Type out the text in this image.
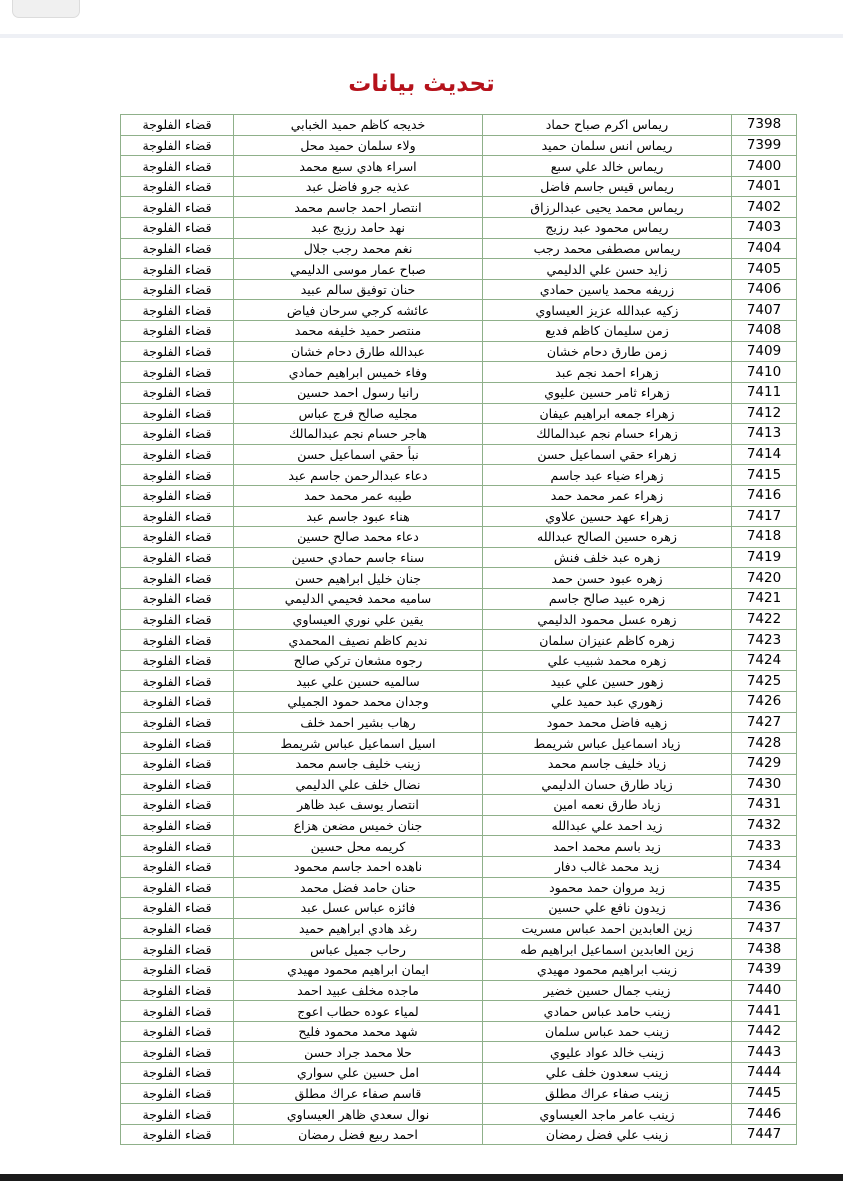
تحديث بيانات
قضاء الفلوجة		خديجه كاظم حميد الخبابي		ريماس اكرم صباح حماد		7398
قضاء الفلوجة		ولاء سلمان حميد محل		ريماس انس سلمان حميد		7399
قضاء الفلوجة		اسراء هادي سبع محمد		ريماس خالد علي سبع		7400
قضاء الفلوجة		عذيه جرو فاضل عبد		ريماس قيس جاسم فاضل		7401
قضاء الفلوجة		انتصار احمد جاسم محمد		ريماس محمد يحيى عبدالرزاق		7402
قضاء الفلوجة		نهد حامد رزيج عبد		ريماس محمود عبد رزيج		7403
قضاء الفلوجة		نغم محمد رجب جلال		ريماس مصطفى محمد رجب		7404
قضاء الفلوجة		صباح عمار موسى الدليمي		زايد حسن علي الدليمي		7405
قضاء الفلوجة		حنان توفيق سالم عبيد		زريفه محمد ياسين حمادي		7406
قضاء الفلوجة		عائشه كرجي سرحان فياض		زكيه عبدالله عزيز العيساوي		7407
قضاء الفلوجة		منتصر حميد خليفه محمد		زمن سليمان كاظم فديع		7408
قضاء الفلوجة		عبدالله طارق دحام خشان		زمن طارق دحام خشان		7409
قضاء الفلوجة		وفاء خميس ابراهيم حمادي		زهراء احمد نجم عبد		7410
قضاء الفلوجة		رانيا رسول احمد حسين		زهراء ثامر حسين عليوي		7411
قضاء الفلوجة		مجليه صالح فرج عباس		زهراء جمعه ابراهيم عيفان		7412
قضاء الفلوجة		هاجر حسام نجم عبدالمالك		زهراء حسام نجم عبدالمالك		7413
قضاء الفلوجة		نبأ حقي اسماعيل حسن		زهراء حقي اسماعيل حسن		7414
قضاء الفلوجة		دعاء عبدالرحمن جاسم عبد		زهراء ضياء عبد جاسم		7415
قضاء الفلوجة		طيبه عمر محمد حمد		زهراء عمر محمد حمد		7416
قضاء الفلوجة		هناء عبود جاسم عبد		زهراء عهد حسين علاوي		7417
قضاء الفلوجة		دعاء محمد صالح حسين		زهره حسين الصالح عبدالله		7418
قضاء الفلوجة		سناء جاسم حمادي حسين		زهره عبد خلف فنش		7419
قضاء الفلوجة		جنان خليل ابراهيم حسن		زهره عبود حسن حمد		7420
قضاء الفلوجة		ساميه محمد فحيمي الدليمي		زهره عبيد صالح جاسم		7421
قضاء الفلوجة		يقين علي نوري العيساوي		زهره عسل محمود الدليمي		7422
قضاء الفلوجة		نديم كاظم نصيف المحمدي		زهره كاظم عنيزان سلمان		7423
قضاء الفلوجة		رجوه مشعان تركي صالح		زهره محمد شبيب علي		7424
قضاء الفلوجة		سالميه حسين علي عبيد		زهور حسين علي عبيد		7425
قضاء الفلوجة		وجدان محمد حمود الجميلي		زهوري عبد حميد علي		7426
قضاء الفلوجة		رهاب بشير احمد خلف		زهيه فاضل محمد حمود		7427
قضاء الفلوجة		اسيل اسماعيل عباس شريمط		زياد اسماعيل عباس شريمط		7428
قضاء الفلوجة		زينب خليف جاسم محمد		زياد خليف جاسم محمد		7429
قضاء الفلوجة		نضال خلف علي الدليمي		زياد طارق حسان الدليمي		7430
قضاء الفلوجة		انتصار يوسف عبد ظاهر		زياد طارق نعمه امين		7431
قضاء الفلوجة		جنان خميس مضعن هزاع		زيد احمد علي عبدالله		7432
قضاء الفلوجة		كريمه محل حسين		زيد باسم محمد احمد		7433
قضاء الفلوجة		ناهده احمد جاسم محمود		زيد محمد غالب دفار		7434
قضاء الفلوجة		حنان حامد فضل محمد		زيد مروان حمد محمود		7435
قضاء الفلوجة		فائزه عباس عسل عبد		زيدون نافع علي حسين		7436
قضاء الفلوجة		رغد هادي ابراهيم حميد		زين العابدين احمد عباس مسريت		7437
قضاء الفلوجة		رحاب جميل عباس		زين العابدين اسماعيل ابراهيم طه		7438
قضاء الفلوجة		ايمان ابراهيم محمود مهيدي		زينب ابراهيم محمود مهيدي		7439
قضاء الفلوجة		ماجده مخلف عبيد احمد		زينب جمال حسين خضير		7440
قضاء الفلوجة		لمياء عوده حطاب اعوج		زينب حامد عباس حمادي		7441
قضاء الفلوجة		شهد محمد محمود فليح		زينب حمد عباس سلمان		7442
قضاء الفلوجة		حلا محمد جراد حسن		زينب خالد عواد عليوي		7443
قضاء الفلوجة		امل حسين علي سواري		زينب سعدون خلف علي		7444
قضاء الفلوجة		قاسم صفاء عراك مطلق		زينب صفاء عراك مطلق		7445
قضاء الفلوجة		نوال سعدي ظاهر العيساوي		زينب عامر ماجد العيساوي		7446
قضاء الفلوجة		احمد ربيع فضل رمضان		زينب علي فضل رمضان		7447
